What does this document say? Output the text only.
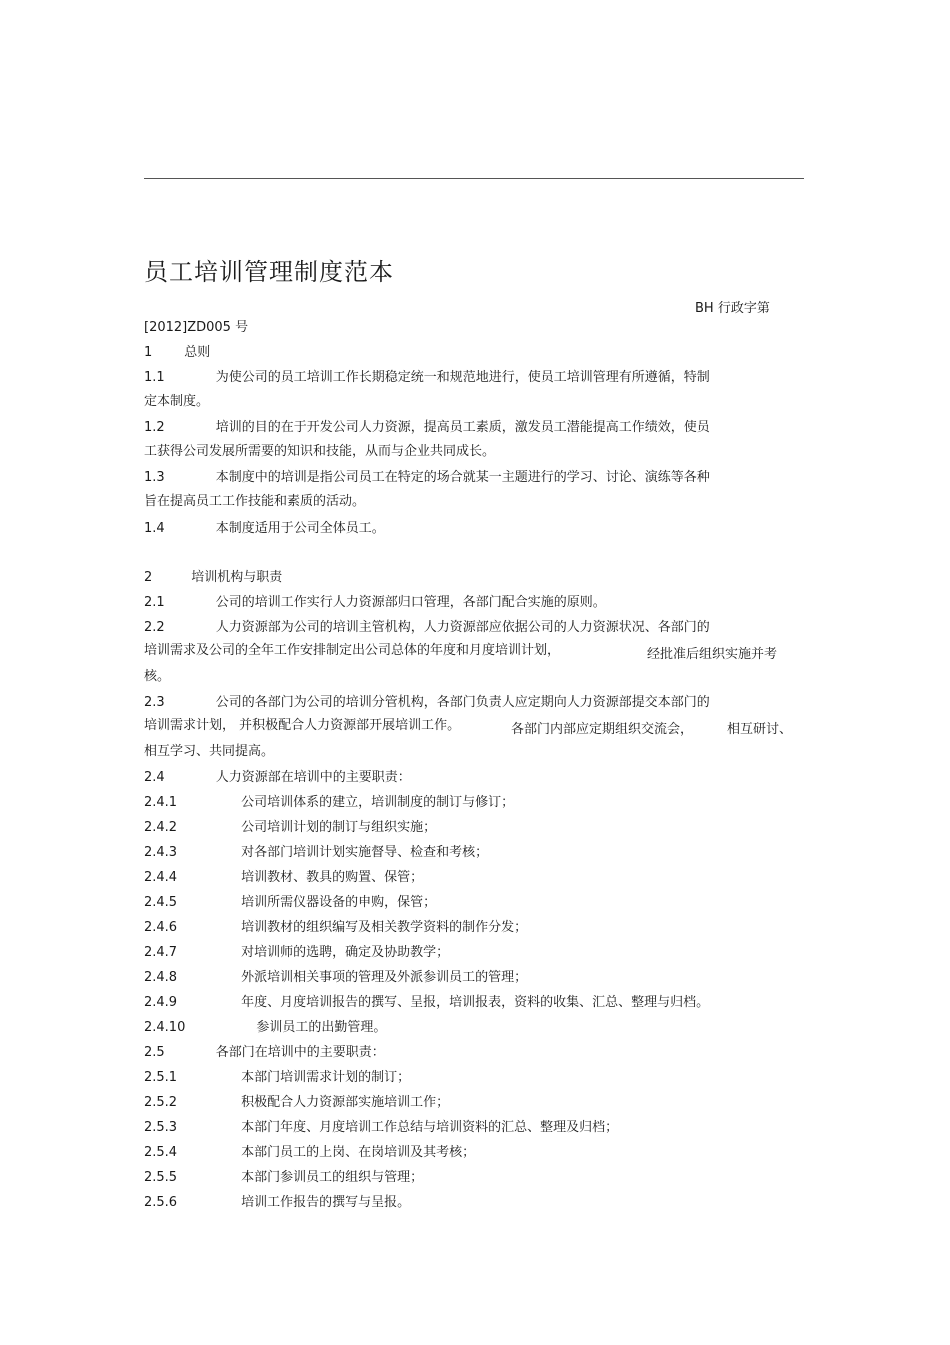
员工培训管理制度范本
BH 行政字第
[2012]ZD005 号
1 总则
1.1	为使公司的员工培训工作长期稳定统一和规范地进行，使员工培训管理有所遵循，特制
定本制度。
1.2	培训的目的在于开发公司人力资源，提高员工素质，激发员工潜能提高工作绩效，使员
工获得公司发展所需要的知识和技能，从而与企业共同成长。
1.3	本制度中的培训是指公司员工在特定的场合就某一主题进行的学习、讨论、演练等各种
旨在提高员工工作技能和素质的活动。
1.4	本制度适用于公司全体员工。
2	培训机构与职责
2.1	公司的培训工作实行人力资源部归口管理，各部门配合实施的原则。
2.2	人力资源部为公司的培训主管机构，人力资源部应依据公司的人力资源状况、各部门的
培训需求及公司的全年工作安排制定出公司总体的年度和月度培训计划，
核。
2.3	公司的各部门为公司的培训分管机构，各部门负责人应定期向人力资源部提交本部门的
培训需求计划， 并积极配合人力资源部开展培训工作。
相互学习、共同提高。
2.4	人力资源部在培训中的主要职责：
2.4.1	公司培训体系的建立，培训制度的制订与修订；
2.4.2	公司培训计划的制订与组织实施；
2.4.3	对各部门培训计划实施督导、检查和考核；
2.4.4	培训教材、教具的购置、保管；
2.4.5	培训所需仪器设备的申购，保管；
2.4.6	培训教材的组织编写及相关教学资料的制作分发；
2.4.7	对培训师的选聘，确定及协助教学；
2.4.8	外派培训相关事项的管理及外派参训员工的管理；
2.4.9	年度、月度培训报告的撰写、呈报，培训报表，资料的收集、汇总、整理与归档。
2.4.10	参训员工的出勤管理。
2.5	各部门在培训中的主要职责：
2.5.1	本部门培训需求计划的制订；
2.5.2	积极配合人力资源部实施培训工作；
2.5.3	本部门年度、月度培训工作总结与培训资料的汇总、整理及归档；
2.5.4	本部门员工的上岗、在岗培训及其考核；
2.5.5	本部门参训员工的组织与管理；
2.5.6	培训工作报告的撰写与呈报。
经批准后组织实施并考
各部门内部应定期组织交流会，	相互研讨、
